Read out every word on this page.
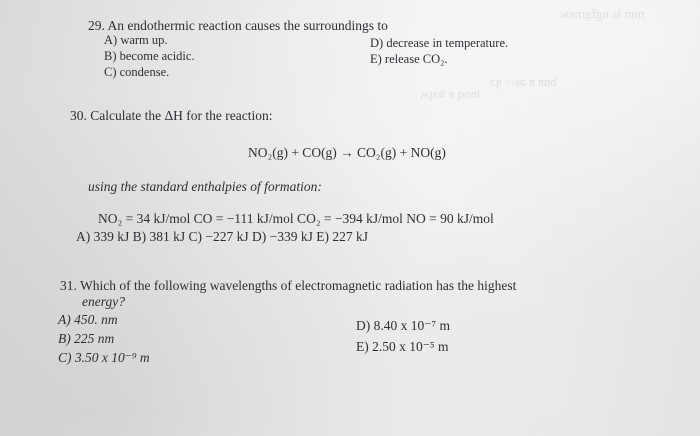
mm ls ngfgrnsw
ʇnoq ɐ ʇɐɥʍ
bnɐ ɐ ǝs∩ ʞɔ
29. An endothermic reaction causes the surroundings to
A) warm up.
B) become acidic.
C) condense.
D) decrease in temperature.
E) release CO₂.
30. Calculate the ΔH for the reaction:
NO₂(g) + CO(g) → CO₂(g) + NO(g)
using the standard enthalpies of formation:
NO₂ = 34 kJ/mol CO = −111 kJ/mol CO₂ = −394 kJ/mol NO = 90 kJ/mol
A) 339 kJ B) 381 kJ C) −227 kJ D) −339 kJ E) 227 kJ
31. Which of the following wavelengths of electromagnetic radiation has the highest
energy?
A) 450. nm
B) 225 nm
C) 3.50 x 10⁻⁹ m
D) 8.40 x 10⁻⁷ m
E) 2.50 x 10⁻⁵ m
